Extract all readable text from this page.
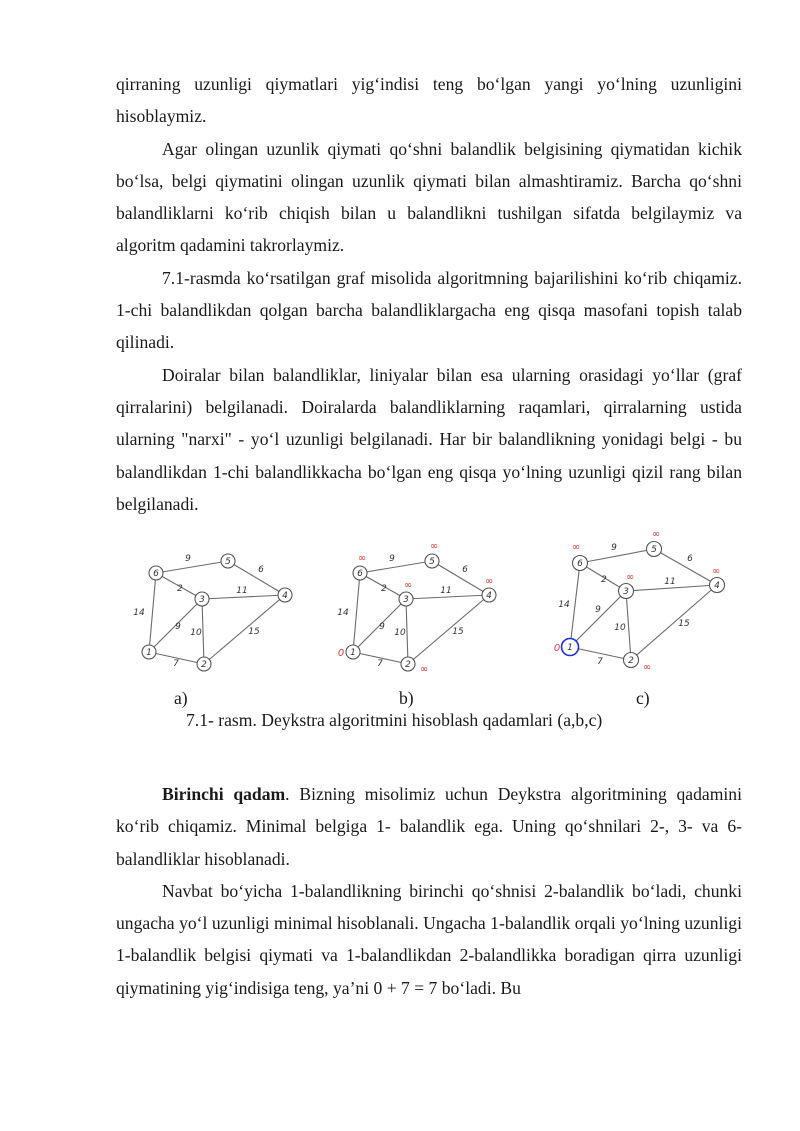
qirraning uzunligi qiymatlari yig‘indisi teng bo‘lgan yangi yo‘lning uzunligini hisoblaymiz.

Agar olingan uzunlik qiymati qo‘shni balandlik belgisining qiymatidan kichik bo‘lsa, belgi qiymatini olingan uzunlik qiymati bilan almashtiramiz. Barcha qo‘shni balandliklarni ko‘rib chiqish bilan u balandlikni tushilgan sifatda belgilaymiz va algoritm qadamini takrorlaymiz.

7.1-rasmda ko‘rsatilgan graf misolida algoritmning bajarilishini ko‘rib chiqamiz. 1-chi balandlikdan qolgan barcha balandliklargacha eng qisqa masofani topish talab qilinadi.

Doiralar bilan balandliklar, liniyalar bilan esa ularning orasidagi yo‘llar (graf qirralarini) belgilanadi. Doiralarda balandliklarning raqamlari, qirralarning ustida ularning "narxi" - yo‘l uzunligi belgilanadi. Har bir balandlikning yonidagi belgi - bu balandlikdan 1-chi balandlikkacha bo‘lgan eng qisqa yo‘lning uzunligi qizil rang bilan belgilanadi.

1
2
3	4
5
6
14
9
2
9
7
10
11
6
15
1
2
3	4
5
6
14
9
2
9
7
10
11
6
15
0
∞
∞	∞
∞
∞
1
2
3
4
5
6
14
9
2
9
7
10
11
6
15
0
∞
∞
∞
∞
∞
a)	b)	c)
7.1- rasm. Deykstra algoritmini hisoblash qadamlari (a,b,c)

Birinchi qadam. Bizning misolimiz uchun Deykstra algoritmining qadamini ko‘rib chiqamiz. Minimal belgiga 1- balandlik ega. Uning qo‘shnilari 2-, 3- va 6- balandliklar hisoblanadi.

Navbat bo‘yicha 1-balandlikning birinchi qo‘shnisi 2-balandlik bo‘ladi, chunki ungacha yo‘l uzunligi minimal hisoblanali. Ungacha 1-balandlik orqali yo‘lning uzunligi 1-balandlik belgisi qiymati va 1-balandlikdan 2-balandlikka boradigan qirra uzunligi qiymatining yig‘indisiga teng, ya’ni 0 + 7 = 7 bo‘ladi. Bu
